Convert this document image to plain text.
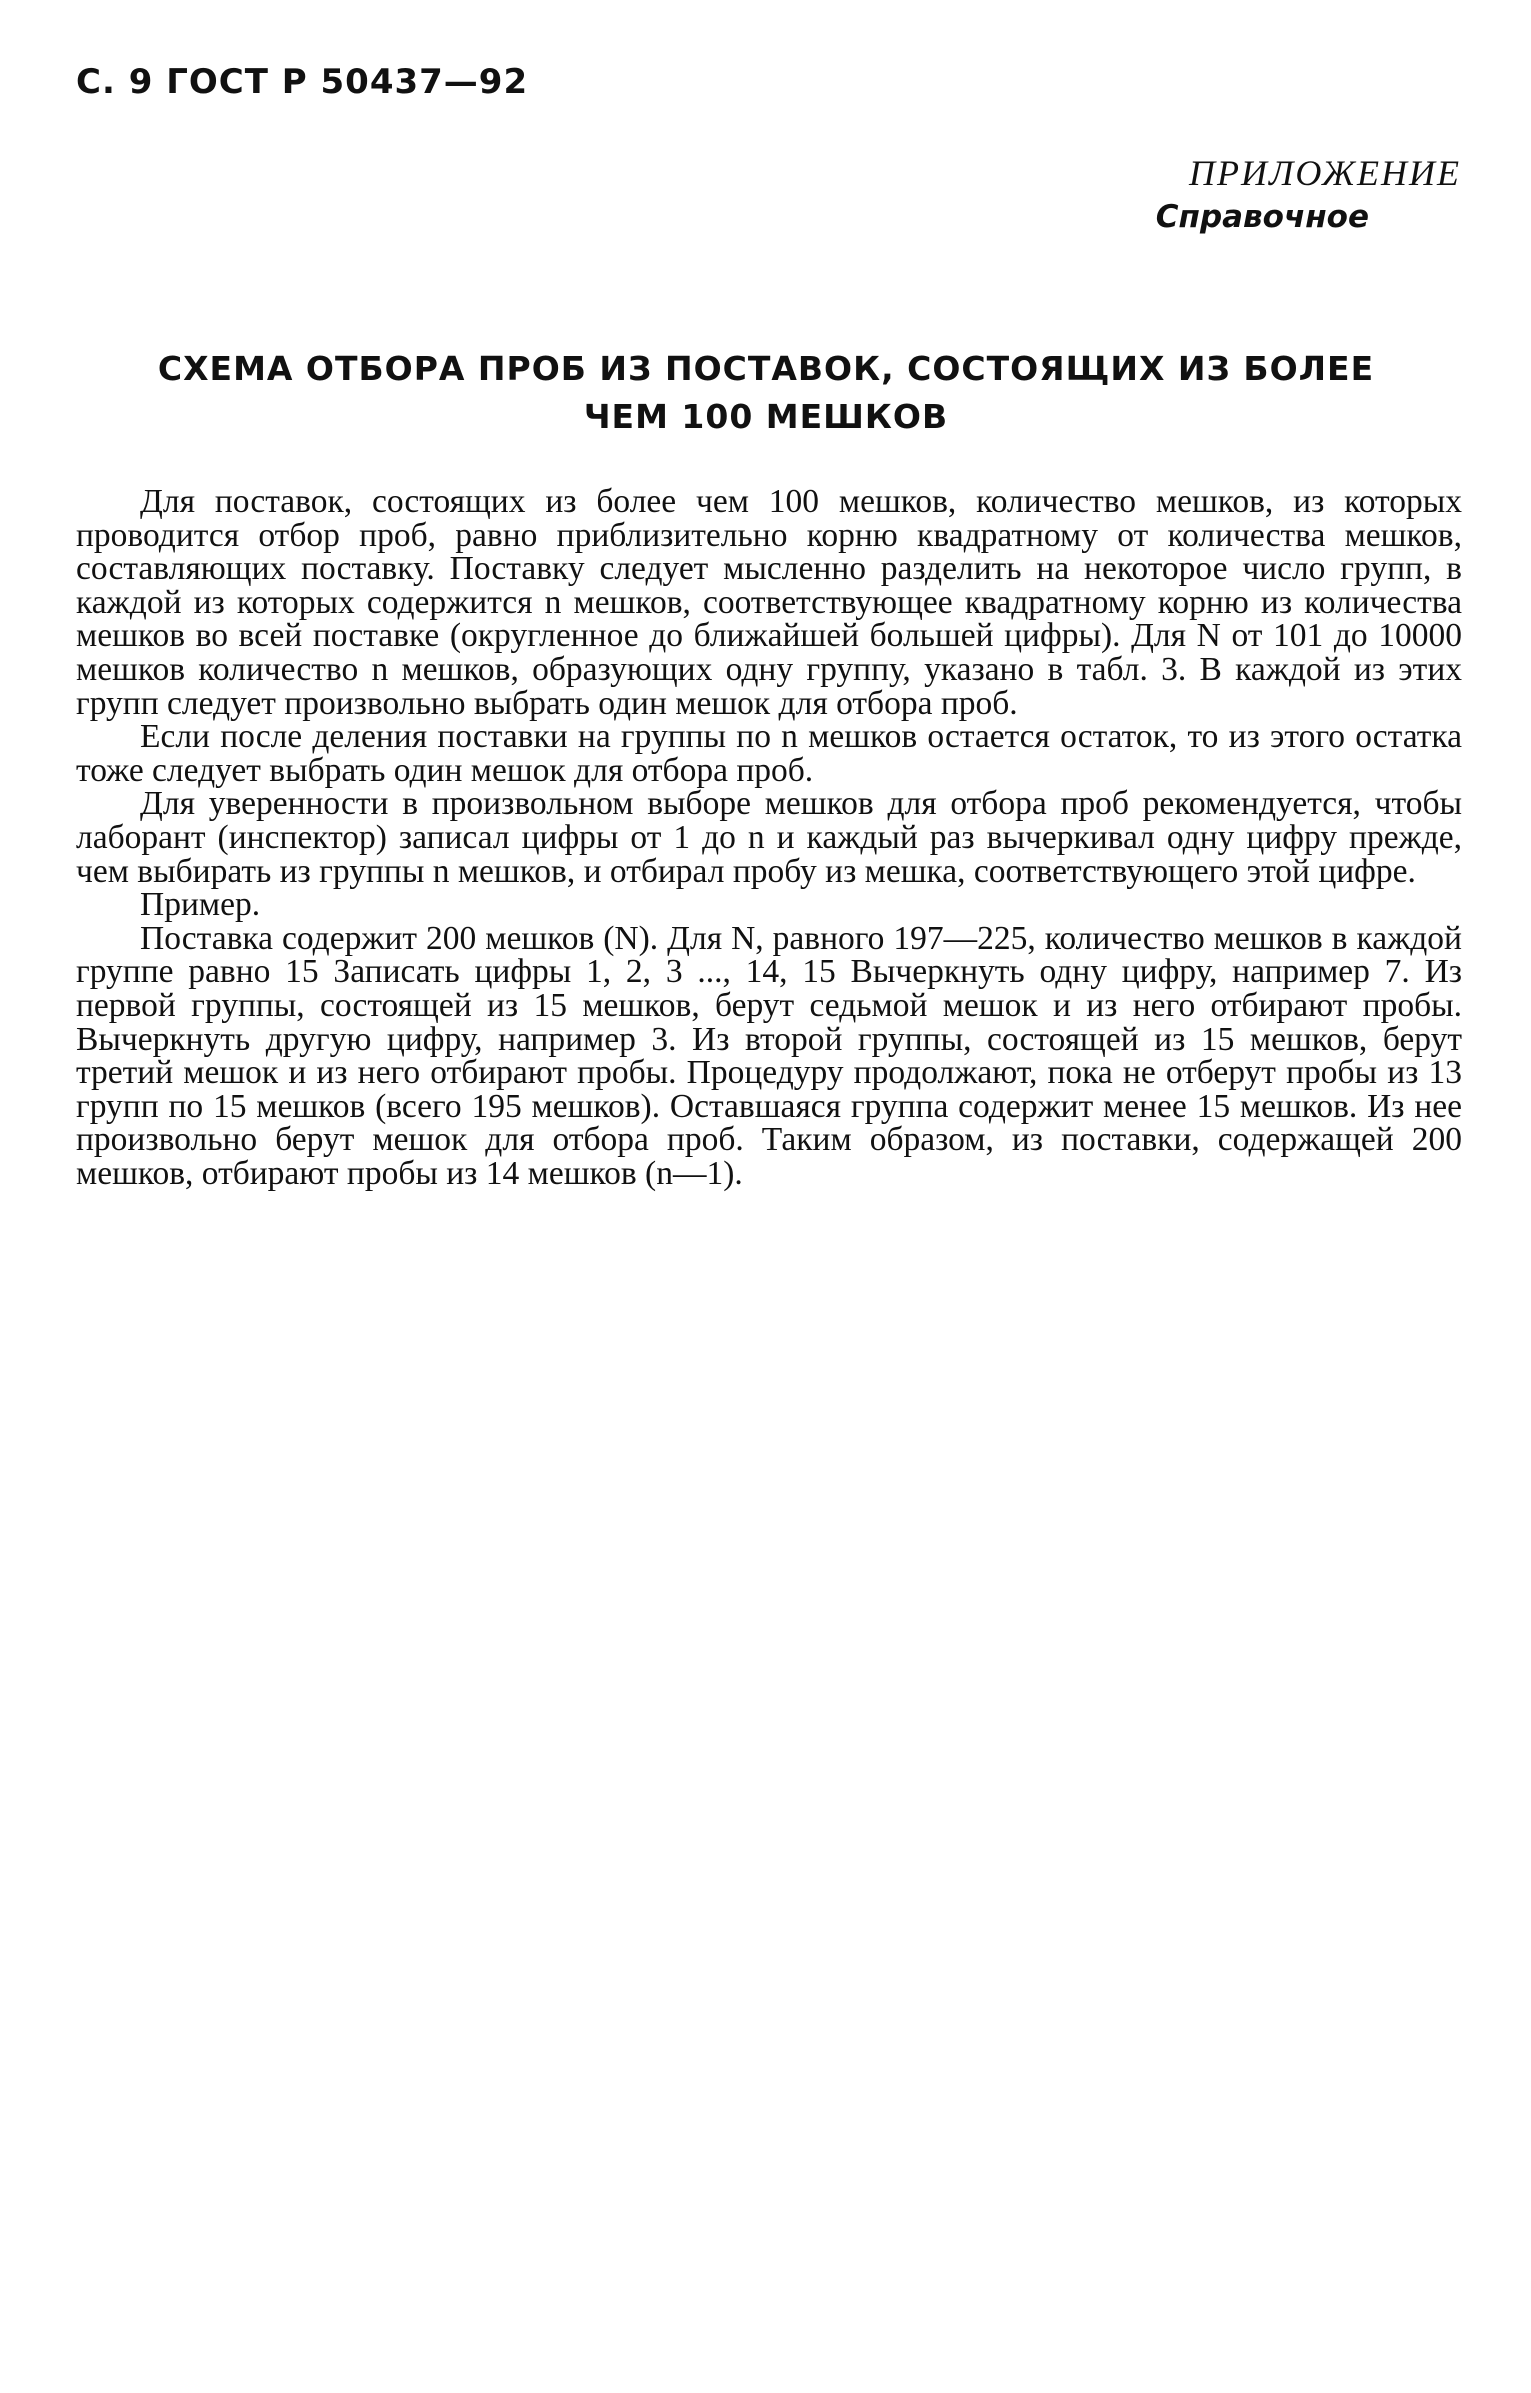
С. 9 ГОСТ Р 50437—92
ПРИЛОЖЕНИЕ
Справочное
СХЕМА ОТБОРА ПРОБ ИЗ ПОСТАВОК, СОСТОЯЩИХ ИЗ БОЛЕЕ
ЧЕМ 100 МЕШКОВ

Для поставок, состоящих из более чем 100 мешков, количество мешков, из которых проводится отбор проб, равно приблизительно корню квадратному от количества мешков, составляющих поставку. Поставку следует мысленно разделить на некоторое число групп, в каждой из которых содержится n мешков, соответствующее квадратному корню из количества мешков во всей поставке (округленное до ближайшей большей цифры). Для N от 101 до 10000 мешков количество n мешков, образующих одну группу, указано в табл. 3. В каждой из этих групп следует произвольно выбрать один мешок для отбора проб.

Если после деления поставки на группы по n мешков остается остаток, то из этого остатка тоже следует выбрать один мешок для отбора проб.

Для уверенности в произвольном выборе мешков для отбора проб рекомендуется, чтобы лаборант (инспектор) записал цифры от 1 до n и каждый раз вычеркивал одну цифру прежде, чем выбирать из группы n мешков, и отбирал пробу из мешка, соответствующего этой цифре.

Пример.

Поставка содержит 200 мешков (N). Для N, равного 197—225, количество мешков в каждой группе равно 15 Записать цифры 1, 2, 3 ..., 14, 15 Вычеркнуть одну цифру, например 7. Из первой группы, состоящей из 15 мешков, берут седьмой мешок и из него отбирают пробы. Вычеркнуть другую цифру, например 3. Из второй группы, состоящей из 15 мешков, берут третий мешок и из него отбирают пробы. Процедуру продолжают, пока не отберут пробы из 13 групп по 15 мешков (всего 195 мешков). Оставшаяся группа содержит менее 15 мешков. Из нее произвольно берут мешок для отбора проб. Таким образом, из поставки, содержащей 200 мешков, отбирают пробы из 14 мешков (n—1).
